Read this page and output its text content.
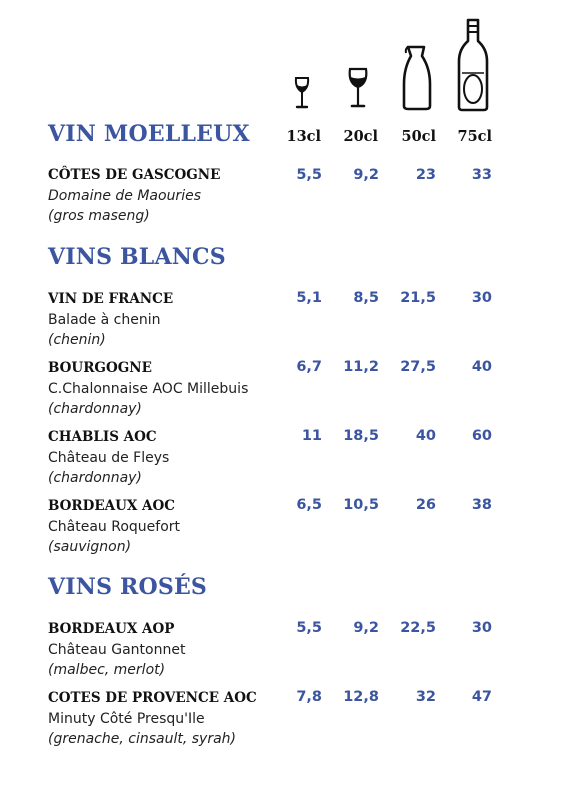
13cl	20cl	50cl	75cl
VIN MOELLEUX
VINS BLANCS
VINS ROSÉS
CÔTES DE GASCOGNE
Domaine de Maouries
(gros maseng)
5,5	9,2	23	33
VIN DE FRANCE
Balade à chenin
(chenin)
5,1	8,5	21,5	30
BOURGOGNE
C.Chalonnaise AOC Millebuis
(chardonnay)
6,7	11,2	27,5	40
CHABLIS AOC
Château de Fleys
(chardonnay)
11	18,5	40	60
BORDEAUX AOC
Château Roquefort
(sauvignon)
6,5	10,5	26	38
BORDEAUX AOP
Château Gantonnet
(malbec, merlot)
5,5	9,2	22,5	30
COTES DE PROVENCE AOC
Minuty Côté Presqu'Ile
(grenache, cinsault, syrah)
7,8	12,8	32	47
